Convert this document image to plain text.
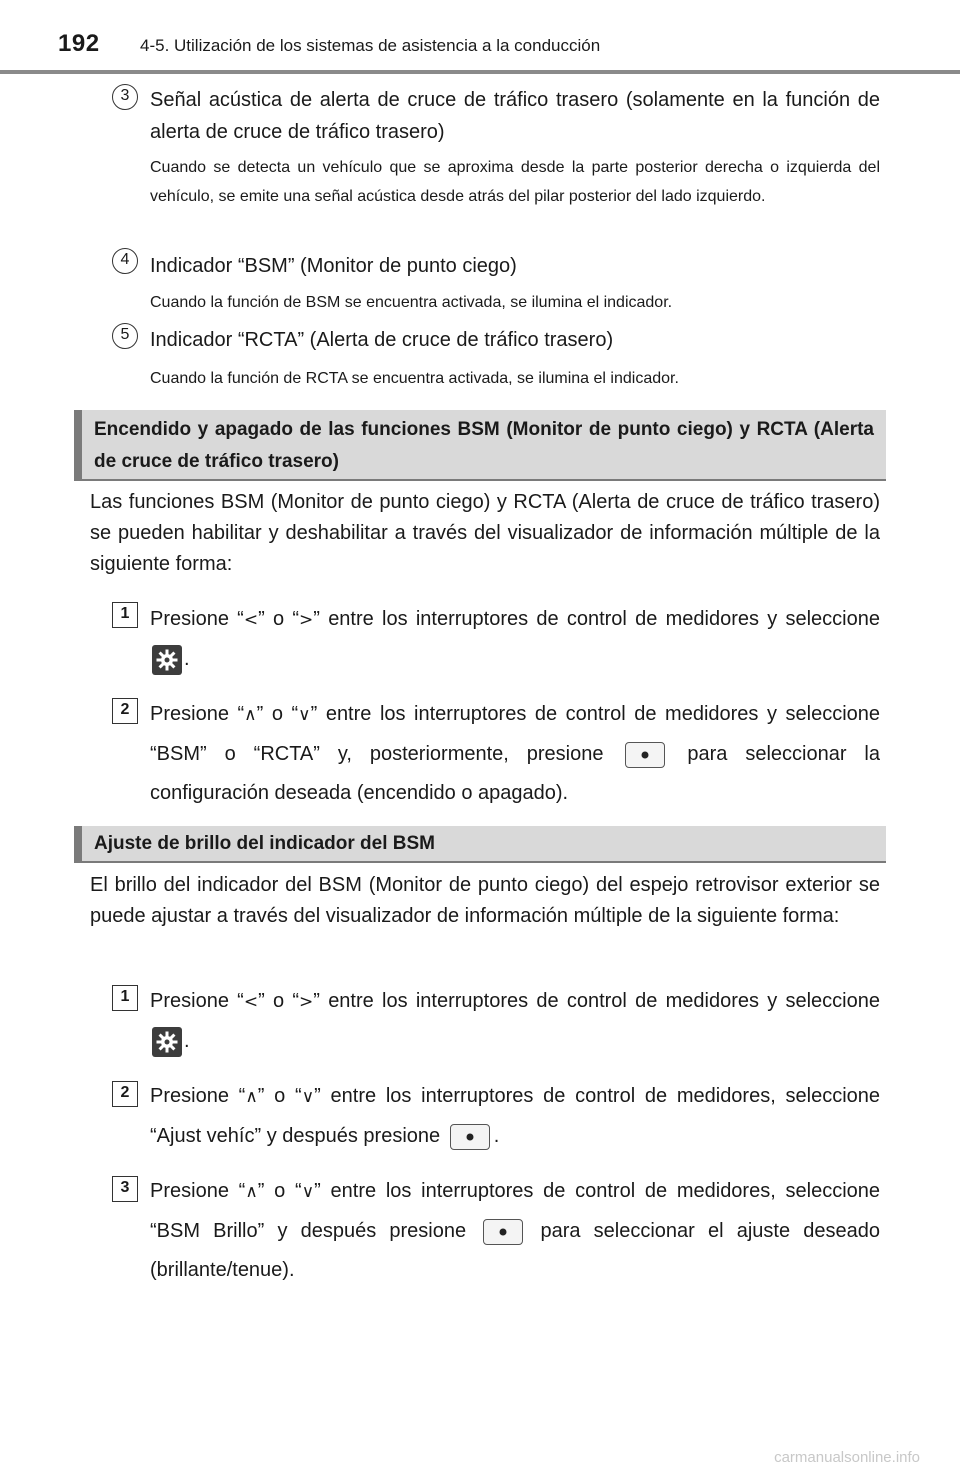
192 4-5. Utilización de los sistemas de asistencia a la conducción
3	Señal acústica de alerta de cruce de tráfico trasero (solamente en la función de alerta de cruce de tráfico trasero)
Cuando se detecta un vehículo que se aproxima desde la parte posterior derecha o izquierda del vehículo, se emite una señal acústica desde atrás del pilar posterior del lado izquierdo.
4	Indicador “BSM” (Monitor de punto ciego)
Cuando la función de BSM se encuentra activada, se ilumina el indicador.
5	Indicador “RCTA” (Alerta de cruce de tráfico trasero)
Cuando la función de RCTA se encuentra activada, se ilumina el indicador.
Encendido y apagado de las funciones BSM (Monitor de punto ciego) y RCTA (Alerta de cruce de tráfico trasero)
Las funciones BSM (Monitor de punto ciego) y RCTA (Alerta de cruce de tráfico trasero) se pueden habilitar y deshabilitar a través del visualizador de información múltiple de la siguiente forma:
1	Presione “<” o “>” entre los interruptores de control de medidores y seleccione
.
2	Presione “∧” o “∨” entre los interruptores de control de medidores y seleccione “BSM” o “RCTA” y, posteriormente, presione  para seleccionar la configuración deseada (encendido o apagado).
Ajuste de brillo del indicador del BSM
El brillo del indicador del BSM (Monitor de punto ciego) del espejo retrovisor exterior se puede ajustar a través del visualizador de información múltiple de la siguiente forma:
1	Presione “<” o “>” entre los interruptores de control de medidores y seleccione
.
2	Presione “∧” o “∨” entre los interruptores de control de medidores, seleccione “Ajust vehíc” y después presione .
3	Presione “∧” o “∨” entre los interruptores de control de medidores, seleccione “BSM Brillo” y después presione  para seleccionar el ajuste deseado (brillante/tenue).
carmanualsonline.info
